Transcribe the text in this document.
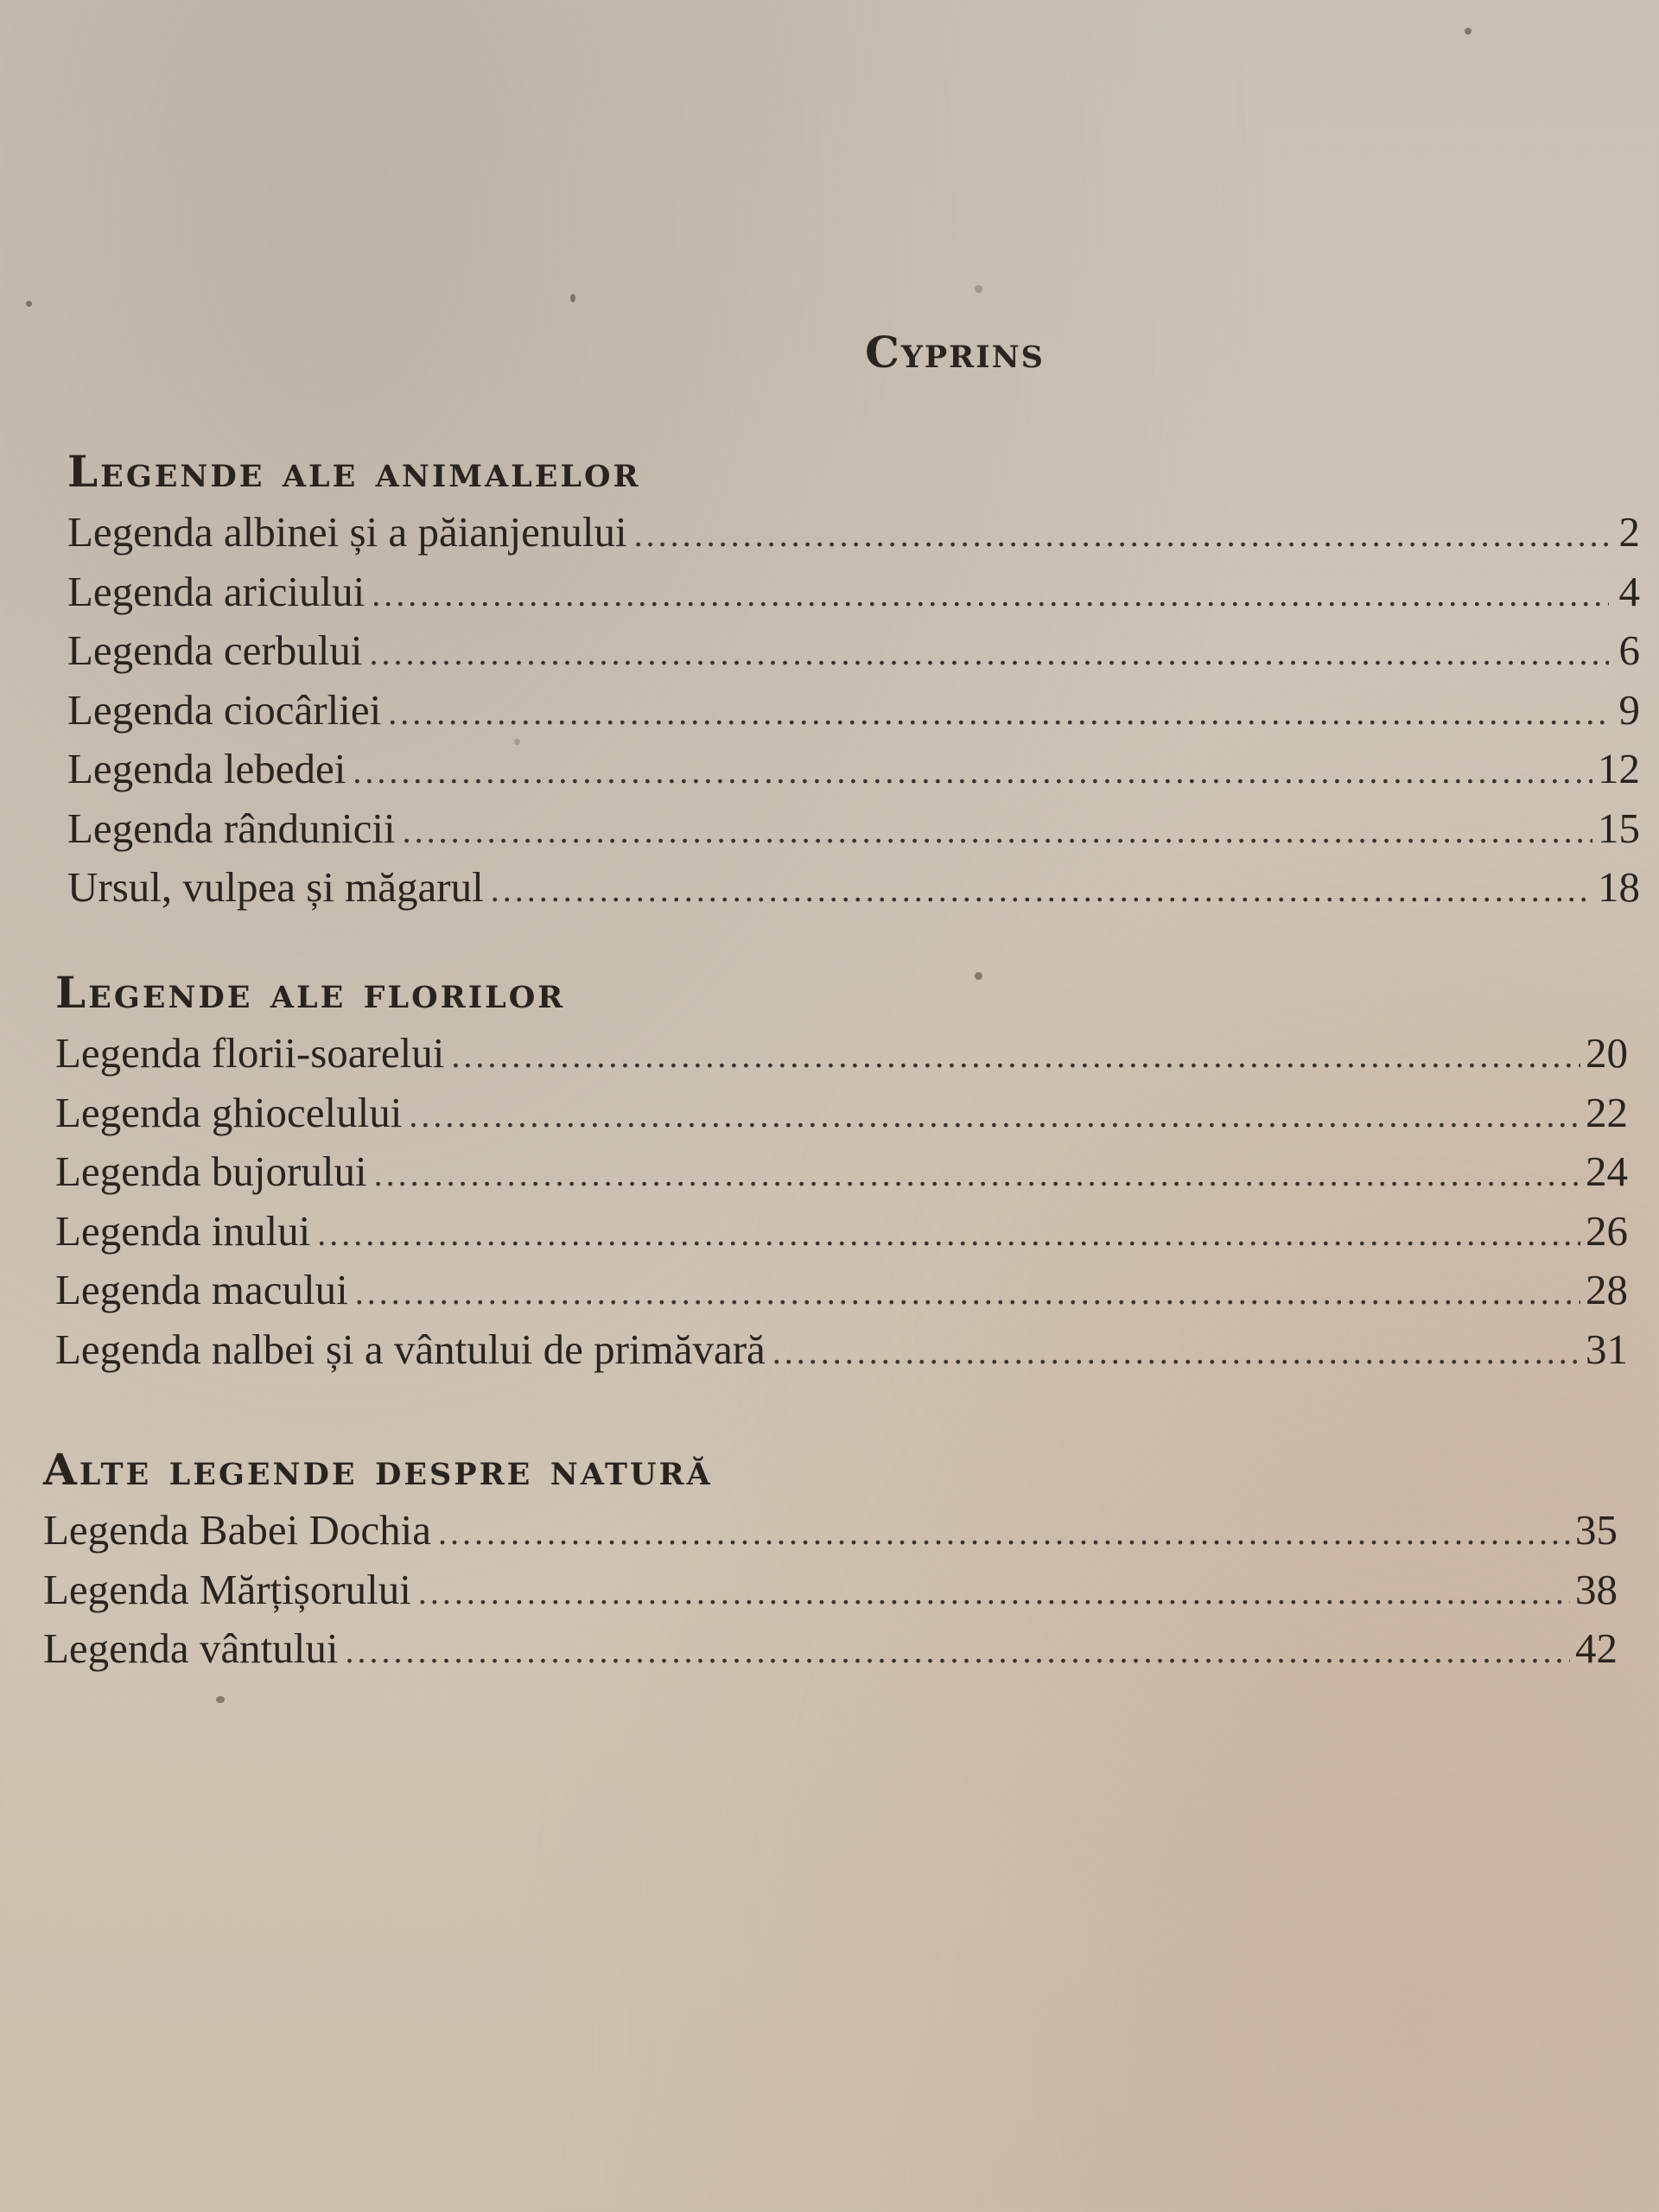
Cyprins
Legende ale animalelor
Legenda albinei și a păianjenului .....	2
Legenda ariciului .....	4
Legenda cerbului .....	6
Legenda ciocârliei .....	9
Legenda lebedei .....	12
Legenda rândunicii .....	15
Ursul, vulpea și măgarul .....	18
Legende ale florilor
Legenda florii-soarelui .....	20
Legenda ghiocelului .....	22
Legenda bujorului .....	24
Legenda inului .....	26
Legenda macului .....	28
Legenda nalbei și a vântului de primăvară .....	31
Alte legende despre natură
Legenda Babei Dochia .....	35
Legenda Mărțișorului .....	38
Legenda vântului .....	42
